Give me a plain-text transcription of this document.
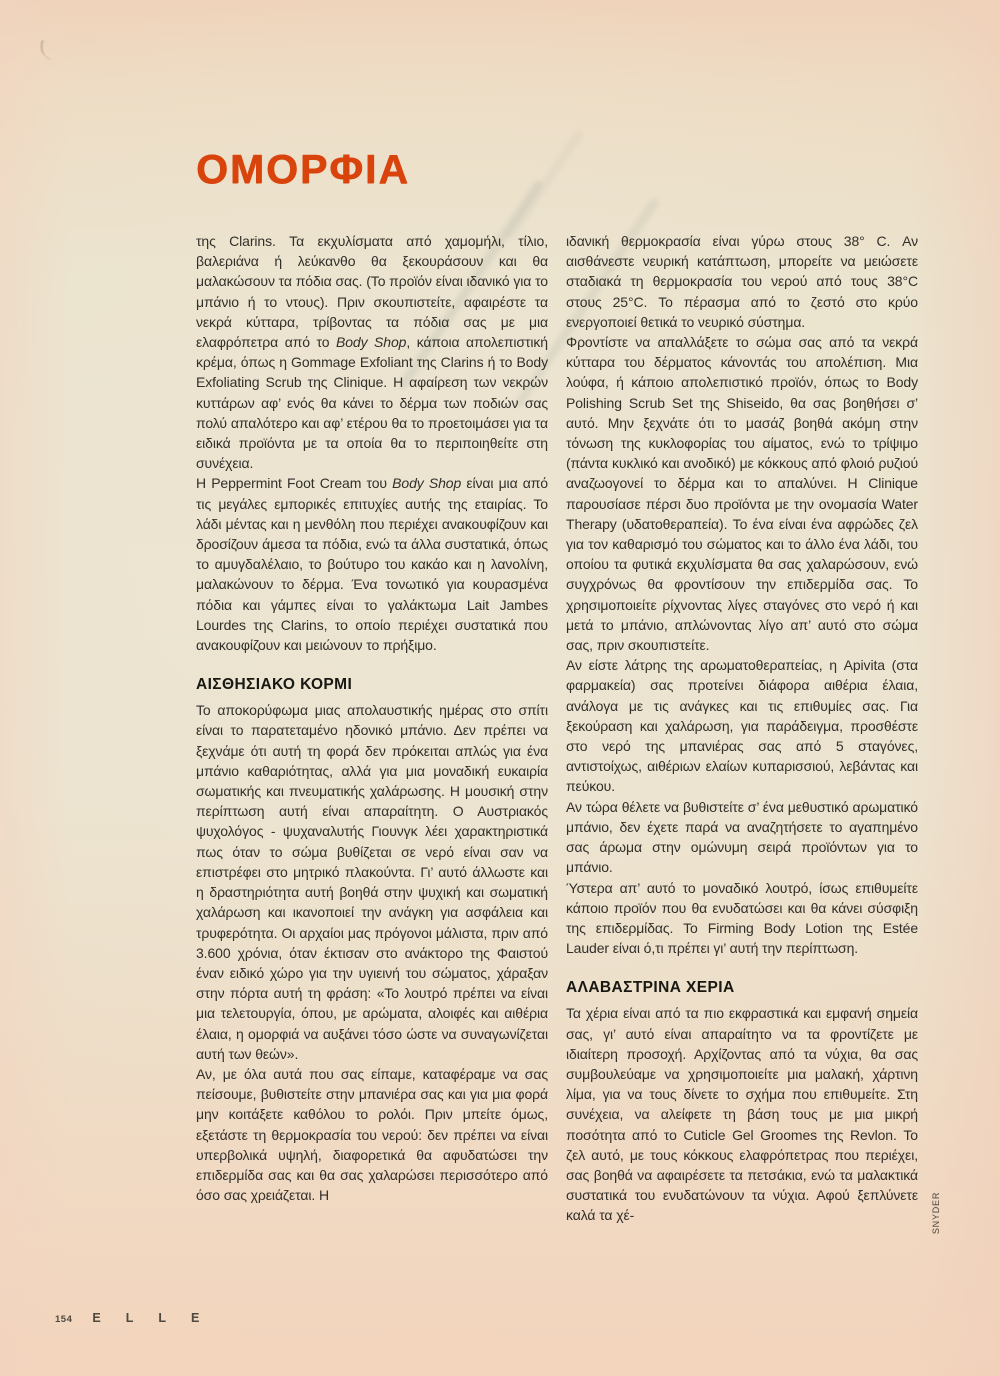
ΟΜΟΡΦΙΑ

της Clarins. Τα εκχυλίσματα από χαμομήλι, τίλιο, βαλεριάνα ή λεύκανθο θα ξεκουράσουν και θα μαλακώσουν τα πόδια σας. (Το προϊόν είναι ιδανικό για το μπάνιο ή το ντους). Πριν σκουπιστείτε, αφαιρέστε τα νεκρά κύτταρα, τρίβοντας τα πόδια σας με μια ελαφρόπετρα από το Body Shop, κάποια απολεπιστική κρέμα, όπως η Gommage Exfoliant της Clarins ή το Body Exfoliating Scrub της Clinique. Η αφαίρεση των νεκρών κυττάρων αφ’ ενός θα κάνει το δέρμα των ποδιών σας πολύ απαλότερο και αφ’ ετέρου θα το προετοιμάσει για τα ειδικά προϊόντα με τα οποία θα το περιποιηθείτε στη συνέχεια.

Η Peppermint Foot Cream του Body Shop είναι μια από τις μεγάλες εμπορικές επιτυχίες αυτής της εταιρίας. Το λάδι μέντας και η μενθόλη που περιέχει ανακουφίζουν και δροσίζουν άμεσα τα πόδια, ενώ τα άλλα συστατικά, όπως το αμυγδαλέλαιο, το βούτυρο του κακάο και η λανολίνη, μαλακώνουν το δέρμα. Ένα τονωτικό για κουρασμένα πόδια και γάμπες είναι το γαλάκτωμα Lait Jambes Lourdes της Clarins, το οποίο περιέχει συστατικά που ανακουφίζουν και μειώνουν το πρήξιμο.

ΑΙΣΘΗΣΙΑΚΟ ΚΟΡΜΙ

Το αποκορύφωμα μιας απολαυστικής ημέρας στο σπίτι είναι το παρατεταμένο ηδονικό μπάνιο. Δεν πρέπει να ξεχνάμε ότι αυτή τη φορά δεν πρόκειται απλώς για ένα μπάνιο καθαριότητας, αλλά για μια μοναδική ευκαιρία σωματικής και πνευματικής χαλάρωσης. Η μουσική στην περίπτωση αυτή είναι απαραίτητη. Ο Αυστριακός ψυχολόγος - ψυχαναλυτής Γιουνγκ λέει χαρακτηριστικά πως όταν το σώμα βυθίζεται σε νερό είναι σαν να επιστρέφει στο μητρικό πλακούντα. Γι’ αυτό άλλωστε και η δραστηριότητα αυτή βοηθά στην ψυχική και σωματική χαλάρωση και ικανοποιεί την ανάγκη για ασφάλεια και τρυφερότητα. Οι αρχαίοι μας πρόγονοι μάλιστα, πριν από 3.600 χρόνια, όταν έκτισαν στο ανάκτορο της Φαιστού έναν ειδικό χώρο για την υγιεινή του σώματος, χάραξαν στην πόρτα αυτή τη φράση: «Το λουτρό πρέπει να είναι μια τελετουργία, όπου, με αρώματα, αλοιφές και αιθέρια έλαια, η ομορφιά να αυξάνει τόσο ώστε να συναγωνίζεται αυτή των θεών».

Αν, με όλα αυτά που σας είπαμε, καταφέραμε να σας πείσουμε, βυθιστείτε στην μπανιέρα σας και για μια φορά μην κοιτάξετε καθόλου το ρολόι. Πριν μπείτε όμως, εξετάστε τη θερμοκρασία του νερού: δεν πρέπει να είναι υπερβολικά υψηλή, διαφορετικά θα αφυδατώσει την επιδερμίδα σας και θα σας χαλαρώσει περισσότερο από όσο σας χρειάζεται. Η

ιδανική θερμοκρασία είναι γύρω στους 38° C. Αν αισθάνεστε νευρική κατάπτωση, μπορείτε να μειώσετε σταδιακά τη θερμοκρασία του νερού από τους 38°C στους 25°C. Το πέρασμα από το ζεστό στο κρύο ενεργοποιεί θετικά το νευρικό σύστημα.

Φροντίστε να απαλλάξετε το σώμα σας από τα νεκρά κύτταρα του δέρματος κάνοντάς του απολέπιση. Μια λούφα, ή κάποιο απολεπιστικό προϊόν, όπως το Body Polishing Scrub Set της Shiseido, θα σας βοηθήσει σ’ αυτό. Μην ξεχνάτε ότι το μασάζ βοηθά ακόμη στην τόνωση της κυκλοφορίας του αίματος, ενώ το τρίψιμο (πάντα κυκλικό και ανοδικό) με κόκκους από φλοιό ρυζιού αναζωογονεί το δέρμα και το απαλύνει. Η Clinique παρουσίασε πέρσι δυο προϊόντα με την ονομασία Water Therapy (υδατοθεραπεία). Το ένα είναι ένα αφρώδες ζελ για τον καθαρισμό του σώματος και το άλλο ένα λάδι, του οποίου τα φυτικά εκχυλίσματα θα σας χαλαρώσουν, ενώ συγχρόνως θα φροντίσουν την επιδερμίδα σας. Το χρησιμοποιείτε ρίχνοντας λίγες σταγόνες στο νερό ή και μετά το μπάνιο, απλώνοντας λίγο απ’ αυτό στο σώμα σας, πριν σκουπιστείτε.

Αν είστε λάτρης της αρωματοθεραπείας, η Apivita (στα φαρμακεία) σας προτείνει διάφορα αιθέρια έλαια, ανάλογα με τις ανάγκες και τις επιθυμίες σας. Για ξεκούραση και χαλάρωση, για παράδειγμα, προσθέστε στο νερό της μπανιέρας σας από 5 σταγόνες, αντιστοίχως, αιθέριων ελαίων κυπαρισσιού, λεβάντας και πεύκου.

Αν τώρα θέλετε να βυθιστείτε σ’ ένα μεθυστικό αρωματικό μπάνιο, δεν έχετε παρά να αναζητήσετε το αγαπημένο σας άρωμα στην ομώνυμη σειρά προϊόντων για το μπάνιο.

Ύστερα απ’ αυτό το μοναδικό λουτρό, ίσως επιθυμείτε κάποιο προϊόν που θα ενυδατώσει και θα κάνει σύσφιξη της επιδερμίδας. Το Firming Body Lotion της Estée Lauder είναι ό,τι πρέπει γι’ αυτή την περίπτωση.

ΑΛΑΒΑΣΤΡΙΝΑ ΧΕΡΙΑ

Τα χέρια είναι από τα πιο εκφραστικά και εμφανή σημεία σας, γι’ αυτό είναι απαραίτητο να τα φροντίζετε με ιδιαίτερη προσοχή. Αρχίζοντας από τα νύχια, θα σας συμβουλεύαμε να χρησιμοποιείτε μια μαλακή, χάρτινη λίμα, για να τους δίνετε το σχήμα που επιθυμείτε. Στη συνέχεια, να αλείφετε τη βάση τους με μια μικρή ποσότητα από το Cuticle Gel Groomes της Revlon. Το ζελ αυτό, με τους κόκκους ελαφρόπετρας που περιέχει, σας βοηθά να αφαιρέσετε τα πετσάκια, ενώ τα μαλακτικά συστατικά του ενυδατώνουν τα νύχια. Αφού ξεπλύνετε καλά τα χέ-	SNYDER
154 ELLE
